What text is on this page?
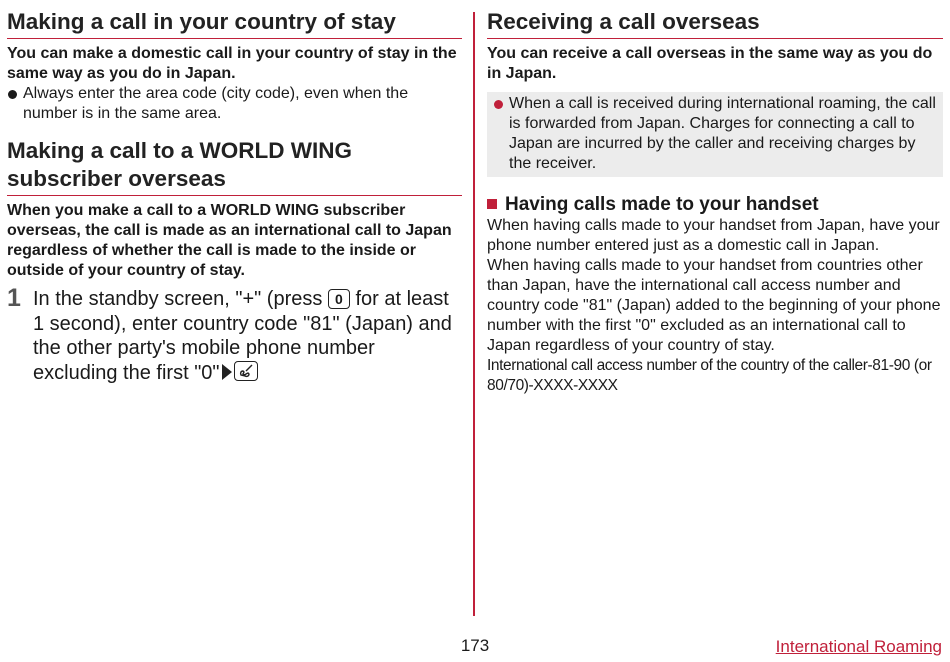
Making a call in your country of stay

You can make a domestic call in your country of stay in the same way as you do in Japan.

Always enter the area code (city code), even when the number is in the same area.
Making a call to a WORLD WING subscriber overseas

When you make a call to a WORLD WING subscriber overseas, the call is made as an international call to Japan regardless of whether the call is made to the inside or outside of your country of stay.

1 In the standby screen, "+" (press 0 for at least 1 second), enter country code "81" (Japan) and the other party's mobile phone number excluding the first "0"
Receiving a call overseas

You can receive a call overseas in the same way as you do in Japan.

When a call is received during international roaming, the call is forwarded from Japan. Charges for connecting a call to Japan are incurred by the caller and receiving charges by the receiver.

Having calls made to your handset

When having calls made to your handset from Japan, have your phone number entered just as a domestic call in Japan.

When having calls made to your handset from countries other than Japan, have the international call access number and country code "81" (Japan) added to the beginning of your phone number with the first "0" excluded as an international call to Japan regardless of your country of stay.

International call access number of the country of the caller-81-90 (or 80/70)-XXXX-XXXX

173	International Roaming
